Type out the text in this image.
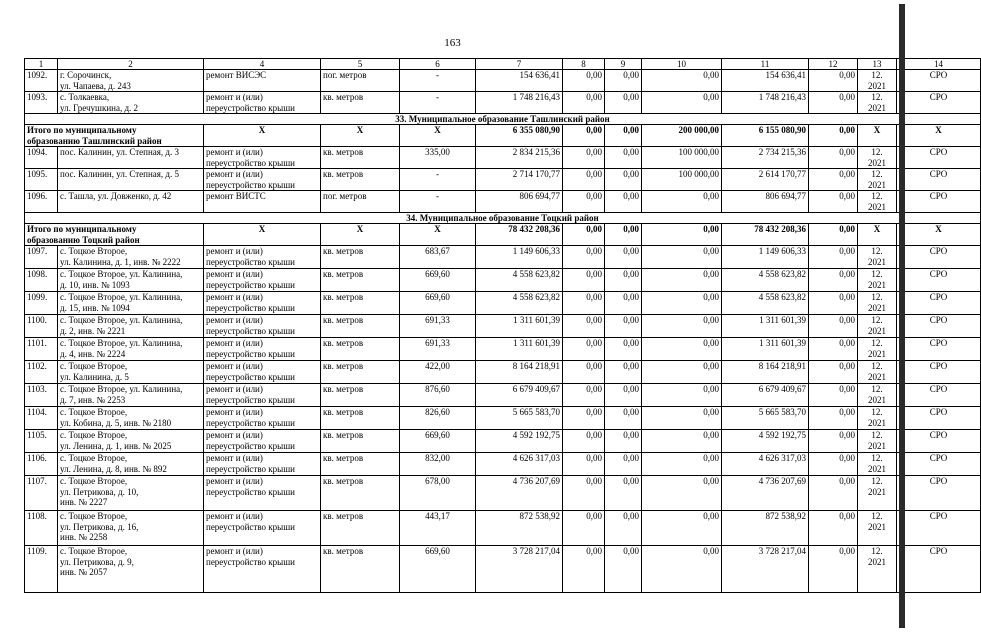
163
1	2	4	5	6	7	8	9	10	11	12	13	14
1092.	г. Сорочинск,
ул. Чапаева, д. 243	ремонт ВИСЭС	пог. метров	-	154 636,41	0,00	0,00	0,00	154 636,41	0,00	12.
2021	СРО
1093.	с. Толкаевка,
ул. Гречушкина, д. 2	ремонт и (или)
переустройство крыши	кв. метров	-	1 748 216,43	0,00	0,00	0,00	1 748 216,43	0,00	12.
2021	СРО
33. Муниципальное образование Ташлинский район												

Итого по муниципальному
образованию Ташлинский район		X	X	X	6 355 080,90	0,00	0,00	200 000,00	6 155 080,90	0,00	X	X
1094.	пос. Калинин, ул. Степная, д. 3	ремонт и (или)
переустройство крыши	кв. метров	335,00	2 834 215,36	0,00	0,00	100 000,00	2 734 215,36	0,00	12.
2021	СРО
1095.	пос. Калинин, ул. Степная, д. 5	ремонт и (или)
переустройство крыши	кв. метров	-	2 714 170,77	0,00	0,00	100 000,00	2 614 170,77	0,00	12.
2021	СРО
1096.	с. Ташла, ул. Довженко, д. 42	ремонт ВИСТС	пог. метров	-	806 694,77	0,00	0,00	0,00	806 694,77	0,00	12.
2021	СРО
34. Муниципальное образование Тоцкий район												

Итого по муниципальному
образованию Тоцкий район		X	X	X	78 432 208,36	0,00	0,00	0,00	78 432 208,36	0,00	X	X
1097.	с. Тоцкое Второе,
ул. Калинина, д. 1, инв. № 2222	ремонт и (или)
переустройство крыши	кв. метров	683,67	1 149 606,33	0,00	0,00	0,00	1 149 606,33	0,00	12.
2021	СРО
1098.	с. Тоцкое Второе, ул. Калинина,
д. 10, инв. № 1093	ремонт и (или)
переустройство крыши	кв. метров	669,60	4 558 623,82	0,00	0,00	0,00	4 558 623,82	0,00	12.
2021	СРО
1099.	с. Тоцкое Второе, ул. Калинина,
д. 15, инв. № 1094	ремонт и (или)
переустройство крыши	кв. метров	669,60	4 558 623,82	0,00	0,00	0,00	4 558 623,82	0,00	12.
2021	СРО
1100.	с. Тоцкое Второе, ул. Калинина,
д. 2, инв. № 2221	ремонт и (или)
переустройство крыши	кв. метров	691,33	1 311 601,39	0,00	0,00	0,00	1 311 601,39	0,00	12.
2021	СРО
1101.	с. Тоцкое Второе, ул. Калинина,
д. 4, инв. № 2224	ремонт и (или)
переустройство крыши	кв. метров	691,33	1 311 601,39	0,00	0,00	0,00	1 311 601,39	0,00	12.
2021	СРО
1102.	с. Тоцкое Второе,
ул. Калинина, д. 5	ремонт и (или)
переустройство крыши	кв. метров	422,00	8 164 218,91	0,00	0,00	0,00	8 164 218,91	0,00	12.
2021	СРО
1103.	с. Тоцкое Второе, ул. Калинина,
д. 7, инв. № 2253	ремонт и (или)
переустройство крыши	кв. метров	876,60	6 679 409,67	0,00	0,00	0,00	6 679 409,67	0,00	12.
2021	СРО
1104.	с. Тоцкое Второе,
ул. Кобина, д. 5, инв. № 2180	ремонт и (или)
переустройство крыши	кв. метров	826,60	5 665 583,70	0,00	0,00	0,00	5 665 583,70	0,00	12.
2021	СРО
1105.	с. Тоцкое Второе,
ул. Ленина, д. 1, инв. № 2025	ремонт и (или)
переустройство крыши	кв. метров	669,60	4 592 192,75	0,00	0,00	0,00	4 592 192,75	0,00	12.
2021	СРО
1106.	с. Тоцкое Второе,
ул. Ленина, д. 8, инв. № 892	ремонт и (или)
переустройство крыши	кв. метров	832,00	4 626 317,03	0,00	0,00	0,00	4 626 317,03	0,00	12.
2021	СРО
1107.	с. Тоцкое Второе,
ул. Петрикова, д. 10,
инв. № 2227	ремонт и (или)
переустройство крыши	кв. метров	678,00	4 736 207,69	0,00	0,00	0,00	4 736 207,69	0,00	12.
2021	СРО
1108.	с. Тоцкое Второе,
ул. Петрикова, д. 16,
инв. № 2258	ремонт и (или)
переустройство крыши	кв. метров	443,17	872 538,92	0,00	0,00	0,00	872 538,92	0,00	12.
2021	СРО
1109.	с. Тоцкое Второе,
ул. Петрикова, д. 9,
инв. № 2057	ремонт и (или)
переустройство крыши	кв. метров	669,60	3 728 217,04	0,00	0,00	0,00	3 728 217,04	0,00	12.
2021	СРО
